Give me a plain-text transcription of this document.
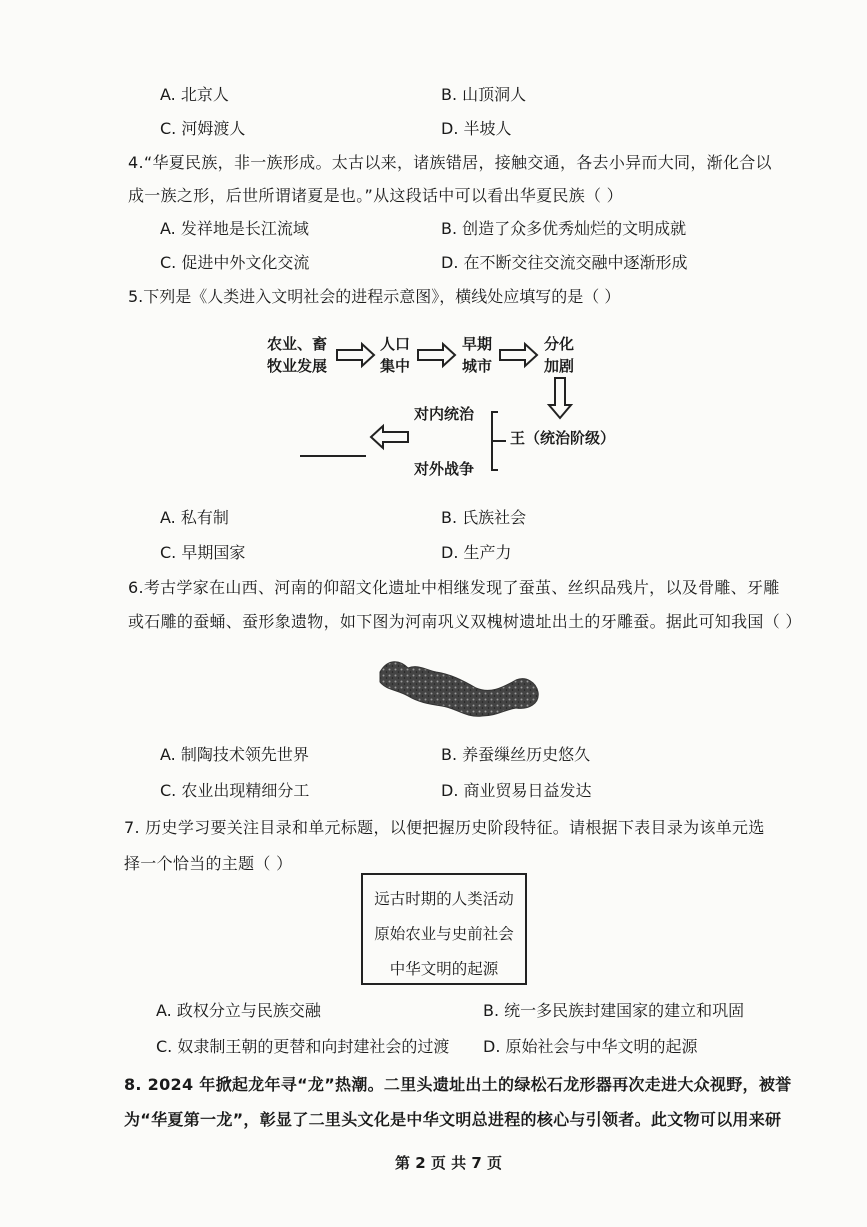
A. 北京人	B. 山顶洞人
C. 河姆渡人	D. 半坡人
4.“华夏民族，非一族形成。太古以来，诸族错居，接触交通，各去小异而大同，渐化合以
成一族之形，后世所谓诸夏是也。”从这段话中可以看出华夏民族（ ）
A. 发祥地是长江流域	B. 创造了众多优秀灿烂的文明成就
C. 促进中外文化交流	D. 在不断交往交流交融中逐渐形成
5.下列是《人类进入文明社会的进程示意图》，横线处应填写的是（ ）
农业、畜
牧业发展
人口
集中
早期
城市
分化
加剧
王（统治阶级）
对内统治
对外战争
A. 私有制	B. 氏族社会
C. 早期国家	D. 生产力
6.考古学家在山西、河南的仰韶文化遗址中相继发现了蚕茧、丝织品残片，以及骨雕、牙雕
或石雕的蚕蛹、蚕形象遗物，如下图为河南巩义双槐树遗址出土的牙雕蚕。据此可知我国（ ）
A. 制陶技术领先世界	B. 养蚕缫丝历史悠久
C. 农业出现精细分工	D. 商业贸易日益发达
7. 历史学习要关注目录和单元标题，以便把握历史阶段特征。请根据下表目录为该单元选
择一个恰当的主题（ ）
远古时期的人类活动
原始农业与史前社会
中华文明的起源
A. 政权分立与民族交融	B. 统一多民族封建国家的建立和巩固
C. 奴隶制王朝的更替和向封建社会的过渡 D. 原始社会与中华文明的起源
8. 2024 年掀起龙年寻“龙”热潮。二里头遗址出土的绿松石龙形器再次走进大众视野，被誉
为“华夏第一龙”，彰显了二里头文化是中华文明总进程的核心与引领者。此文物可以用来研
第 2 页 共 7 页
